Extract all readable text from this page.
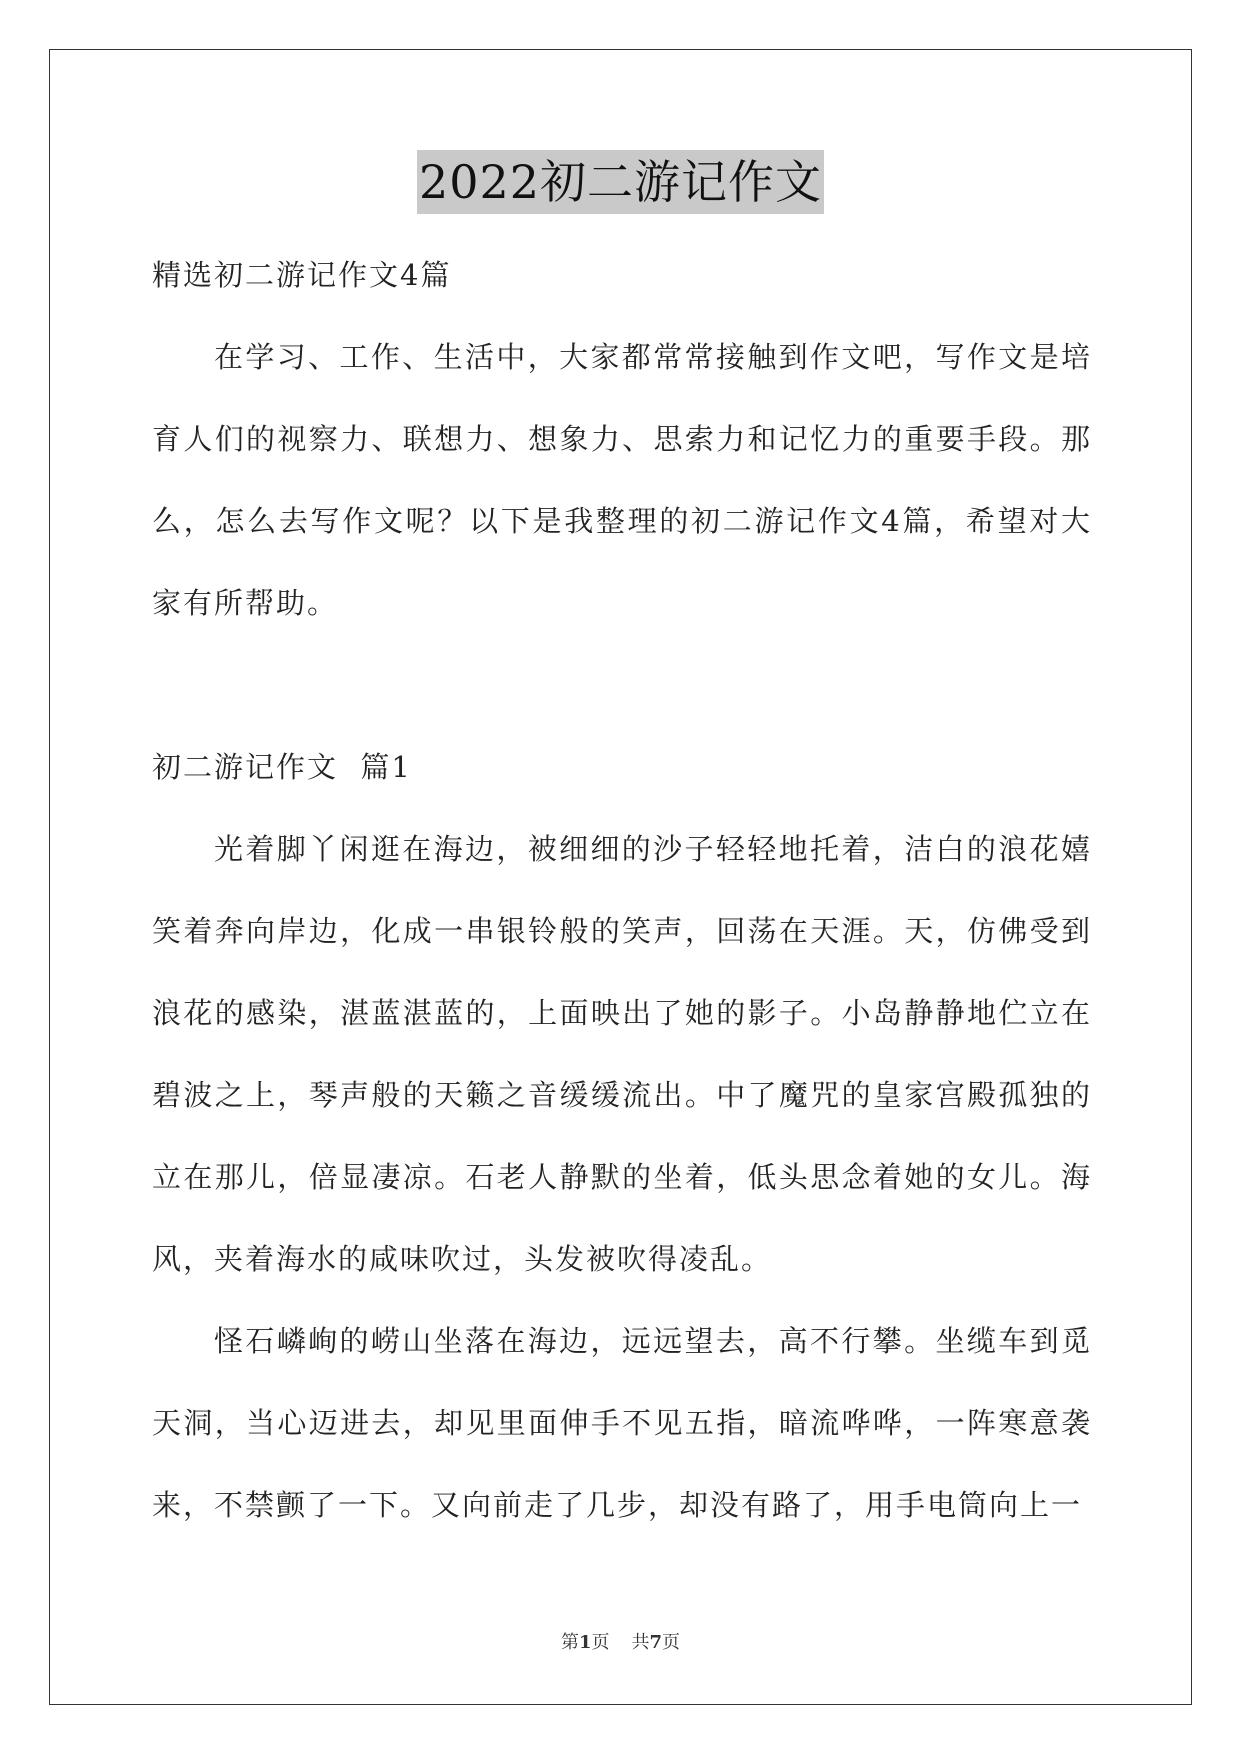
2022初二游记作文

精选初二游记作文4篇

在学习、工作、生活中，大家都常常接触到作文吧，写作文是培育人们的视察力、联想力、想象力、思索力和记忆力的重要手段。那么，怎么去写作文呢？以下是我整理的初二游记作文4篇，希望对大家有所帮助。

初二游记作文  篇1

光着脚丫闲逛在海边，被细细的沙子轻轻地托着，洁白的浪花嬉笑着奔向岸边，化成一串银铃般的笑声，回荡在天涯。天，仿佛受到浪花的感染，湛蓝湛蓝的，上面映出了她的影子。小岛静静地伫立在碧波之上，琴声般的天籁之音缓缓流出。中了魔咒的皇家宫殿孤独的立在那儿，倍显凄凉。石老人静默的坐着，低头思念着她的女儿。海风，夹着海水的咸味吹过，头发被吹得凌乱。

怪石嶙峋的崂山坐落在海边，远远望去，高不行攀。坐缆车到觅天洞，当心迈进去，却见里面伸手不见五指，暗流哗哗，一阵寒意袭来，不禁颤了一下。又向前走了几步，却没有路了，用手电筒向上一

第1页 共7页
